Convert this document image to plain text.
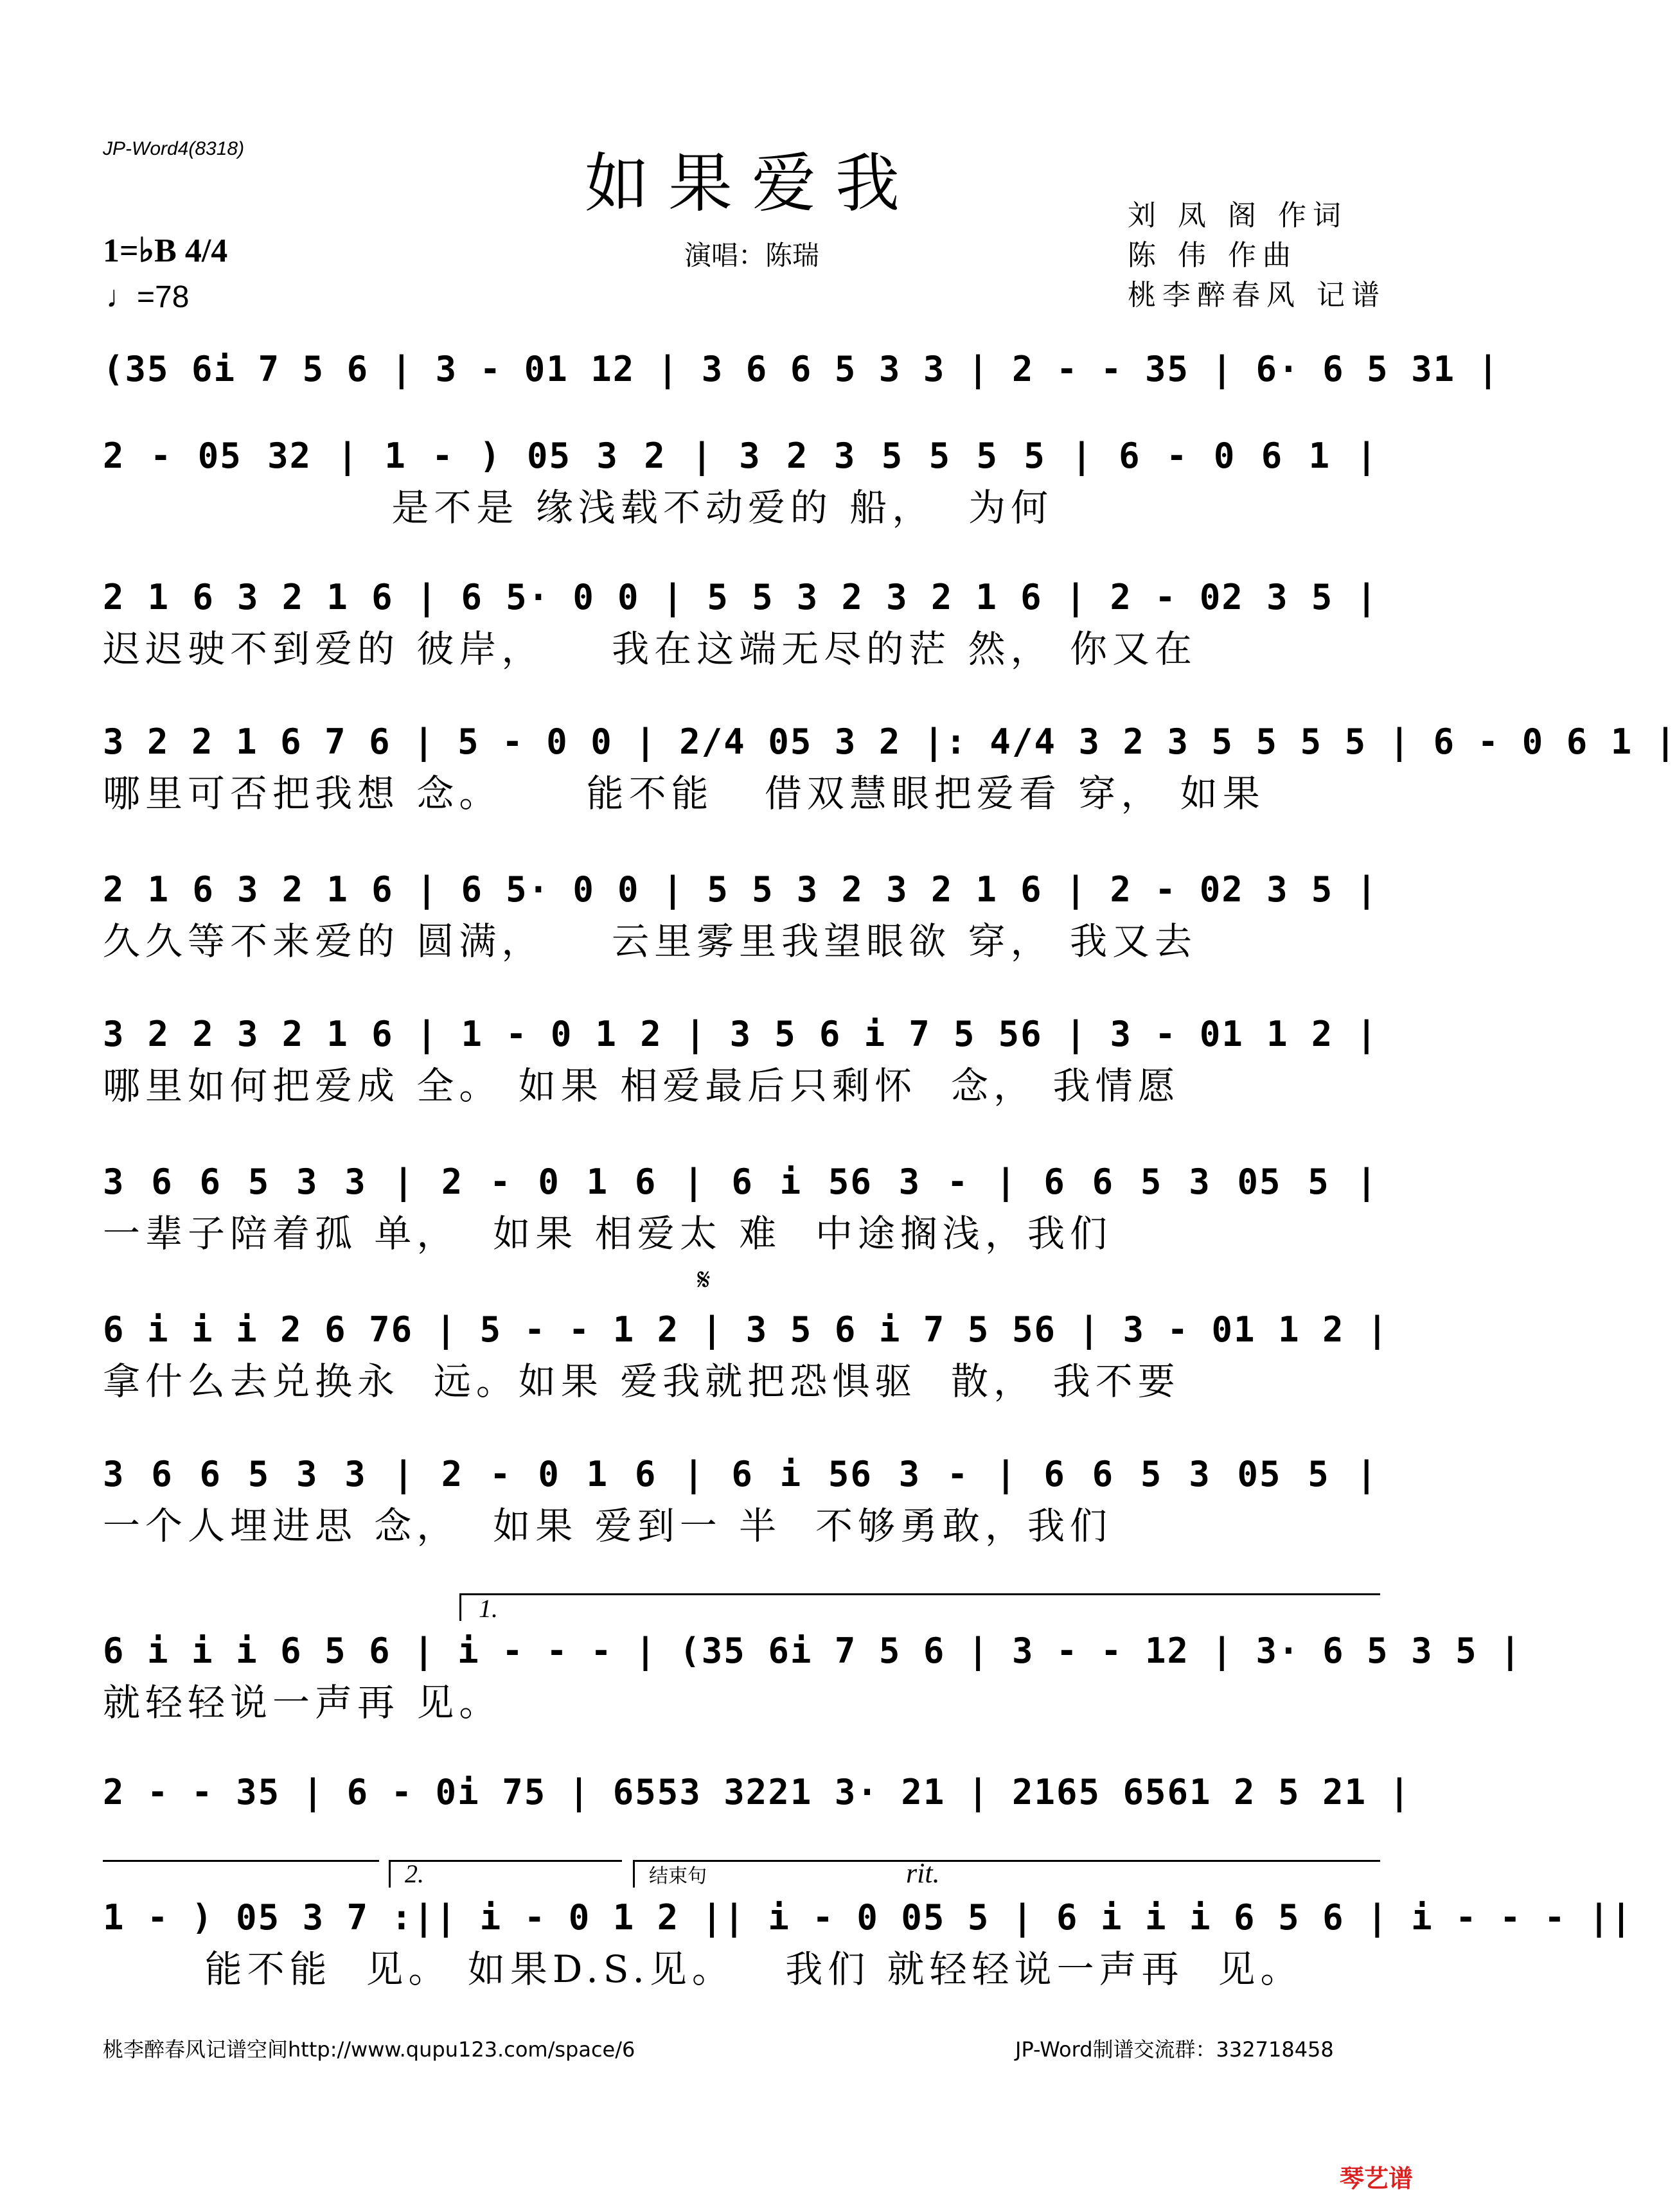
JP-Word4(8318)	如果爱我
演唱：陈瑞
刘 凤 阁 作词
陈 伟 作曲
桃李醉春风 记谱
1=♭B 4/4
♩=78
(35 6i 7 5 6 | 3 - 01 12 | 3 6 6 5 3 3 | 2 - - 35 | 6· 6 5 31 |
2 - 05 32 | 1 - ) 05 3 2 | 3 2 3 5 5 5 5 | 6 - 0 6 1 |
是不是 缘浅载不动爱的 船，  为何
2 1 6 3 2 1 6 | 6 5· 0 0 | 5 5 3 2 3 2 1 6 | 2 - 02 3 5 |
迟迟驶不到爱的 彼岸，    我在这端无尽的茫 然， 你又在
3 2 2 1 6 7 6 | 5 - 0 0 | 2/4 05 3 2 |: 4/4 3 2 3 5 5 5 5 | 6 - 0 6 1 |
哪里可否把我想 念。     能不能   借双慧眼把爱看 穿， 如果
2 1 6 3 2 1 6 | 6 5· 0 0 | 5 5 3 2 3 2 1 6 | 2 - 02 3 5 |
久久等不来爱的 圆满，    云里雾里我望眼欲 穿， 我又去
3 2 2 3 2 1 6 | 1 - 0 1 2 | 3 5 6 i 7 5 56 | 3 - 01 1 2 |
哪里如何把爱成 全。 如果 相爱最后只剩怀  念， 我情愿
3 6 6 5 3 3 | 2 - 0 1 6 | 6 i 56 3 - | 6 6 5 3 05 5 |
一辈子陪着孤 单，  如果 相爱太 难  中途搁浅，我们
𝄋
6 i i i 2 6 76 | 5 - - 1 2 | 3 5 6 i 7 5 56 | 3 - 01 1 2 |
拿什么去兑换永  远。如果 爱我就把恐惧驱  散， 我不要
3 6 6 5 3 3 | 2 - 0 1 6 | 6 i 56 3 - | 6 6 5 3 05 5 |
一个人埋进思 念，  如果 爱到一 半  不够勇敢，我们
1.
6 i i i 6 5 6 | i - - - | (35 6i 7 5 6 | 3 - - 12 | 3· 6 5 3 5 |
就轻轻说一声再 见。
2 - - 35 | 6 - 0i 75 | 6553 3221 3· 21 | 2165 6561 2 5 21 |
2.	结束句	rit.
1 - ) 05 3 7 :|| i - 0 1 2 || i - 0 05 5 | 6 i i i 6 5 6 | i - - - ||
能不能  见。 如果D.S.见。   我们 就轻轻说一声再  见。
桃李醉春风记谱空间http://www.qupu123.com/space/6	JP-Word制谱交流群：332718458
琴艺谱
